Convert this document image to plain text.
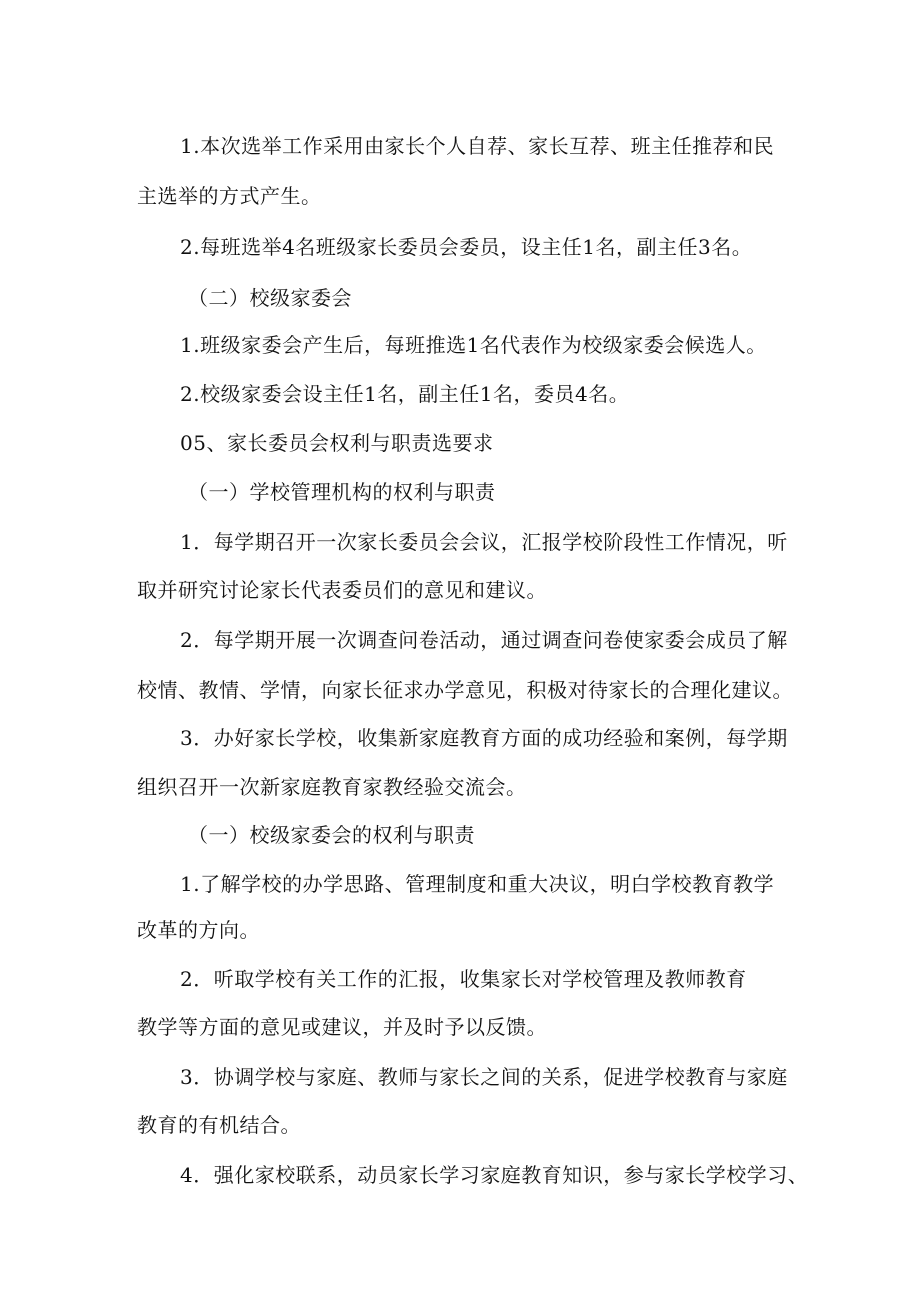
1.本次选举工作采用由家长个人自荐、家长互荐、班主任推荐和民
主选举的方式产生。
2.每班选举4名班级家长委员会委员，设主任1名，副主任3名。
（二）校级家委会
1.班级家委会产生后，每班推选1名代表作为校级家委会候选人。
2.校级家委会设主任1名，副主任1名，委员4名。
05、家长委员会权利与职责选要求
（一）学校管理机构的权利与职责
1．每学期召开一次家长委员会会议，汇报学校阶段性工作情况，听
取并研究讨论家长代表委员们的意见和建议。
2．每学期开展一次调查问卷活动，通过调查问卷使家委会成员了解
校情、教情、学情，向家长征求办学意见，积极对待家长的合理化建议。
3．办好家长学校，收集新家庭教育方面的成功经验和案例，每学期
组织召开一次新家庭教育家教经验交流会。
（一）校级家委会的权利与职责
1.了解学校的办学思路、管理制度和重大决议，明白学校教育教学
改革的方向。
2．听取学校有关工作的汇报，收集家长对学校管理及教师教育
教学等方面的意见或建议，并及时予以反馈。
3．协调学校与家庭、教师与家长之间的关系，促进学校教育与家庭
教育的有机结合。
4．强化家校联系，动员家长学习家庭教育知识，参与家长学校学习、
